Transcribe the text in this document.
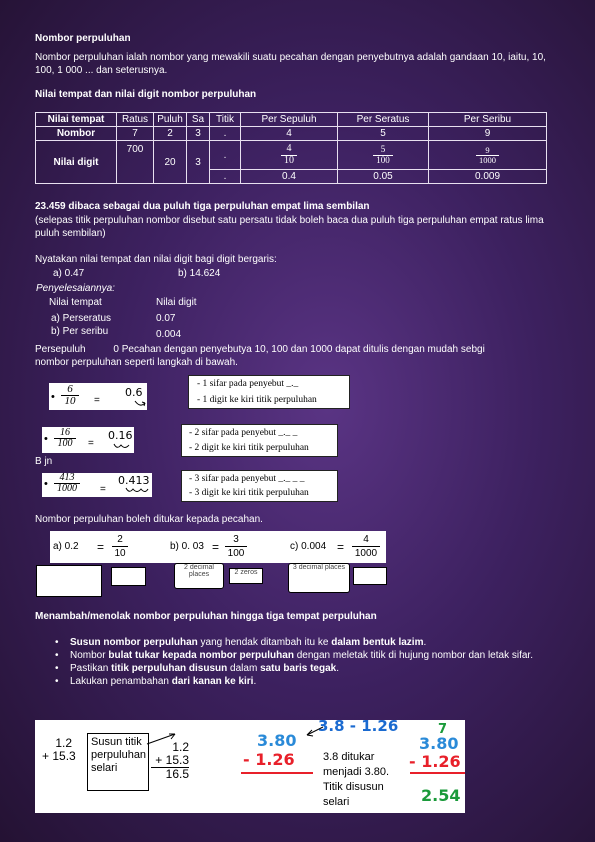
Nombor perpuluhan
Nombor perpuluhan ialah nombor yang mewakili suatu pecahan dengan penyebutnya adalah gandaan 10, iaitu, 10, 100, 1 000 ... dan seterusnya.
Nilai tempat dan nilai digit nombor perpuluhan
Nilai tempat	Ratus	Puluh	Sa	Titik	Per Sepuluh	Per Seratus	Per Seribu
Nombor	7	2	3	.	4	5	9
Nilai digit	700	20	3	.	$\frac{4}{10}$	$\frac{5}{100}$	$\frac{9}{1000}$

				.	0.4	0.05	0.009
23.459 dibaca sebagai dua puluh tiga perpuluhan empat lima sembilan
(selepas titik perpuluhan nombor disebut satu persatu tidak boleh baca dua puluh tiga perpuluhan empat ratus lima puluh sembilan)
Nyatakan nilai tempat dan nilai digit bagi digit bergaris:
a) 0.47	b) 14.624
Penyelesaiannya:
Nilai tempat	Nilai digit
a) Perseratus	0.07
b) Per seribu	0.004
Persepuluh          0 Pecahan dengan penyebutya 10, 100 dan 1000 dapat ditulis dengan mudah sebgi
nombor perpuluhan seperti langkah di bawah.
• $\frac{6}{10}$ =
0.6
- 1 sifar pada penyebut _._
- 1 digit ke kiri titik perpuluhan
• $\frac{16}{100}$ =
0.16	- 2 sifar pada penyebut _._ _
- 2 digit ke kiri titik perpuluhan
B jn
• $\frac{413}{1000}$ =
0.413	- 3 sifar pada penyebut _._ _ _
- 3 digit ke kiri titik perpuluhan
Nombor perpuluhan boleh ditukar kepada pecahan.
a) $0.2 = \frac{2}{10}$	b) 0. $03 = \frac{3}{100}$	c) $0.004 = \frac{4}{1000}$
2 decimal places	2 zeros
3 decimal places
Menambah/menolak nombor perpuluhan hingga tiga tempat perpuluhan
• Susun nombor perpuluhan yang hendak ditambah itu ke dalam bentuk lazim.
• Nombor bulat tukar kepada nombor perpuluhan dengan meletak titik di hujung nombor dan letak sifar.
• Pastikan titik perpuluhan disusun dalam satu baris tegak.
• Lakukan penambahan dari kanan ke kiri.
1.2
+ 15.3
Susun titik perpuluhan selari
1.2
+ 15.3
16.5
3.8 - 1.26
3.80
- 1.26	3.8 ditukar menjadi 3.80. Titik disusun selari
7
3.80
- 1.26
2.54
